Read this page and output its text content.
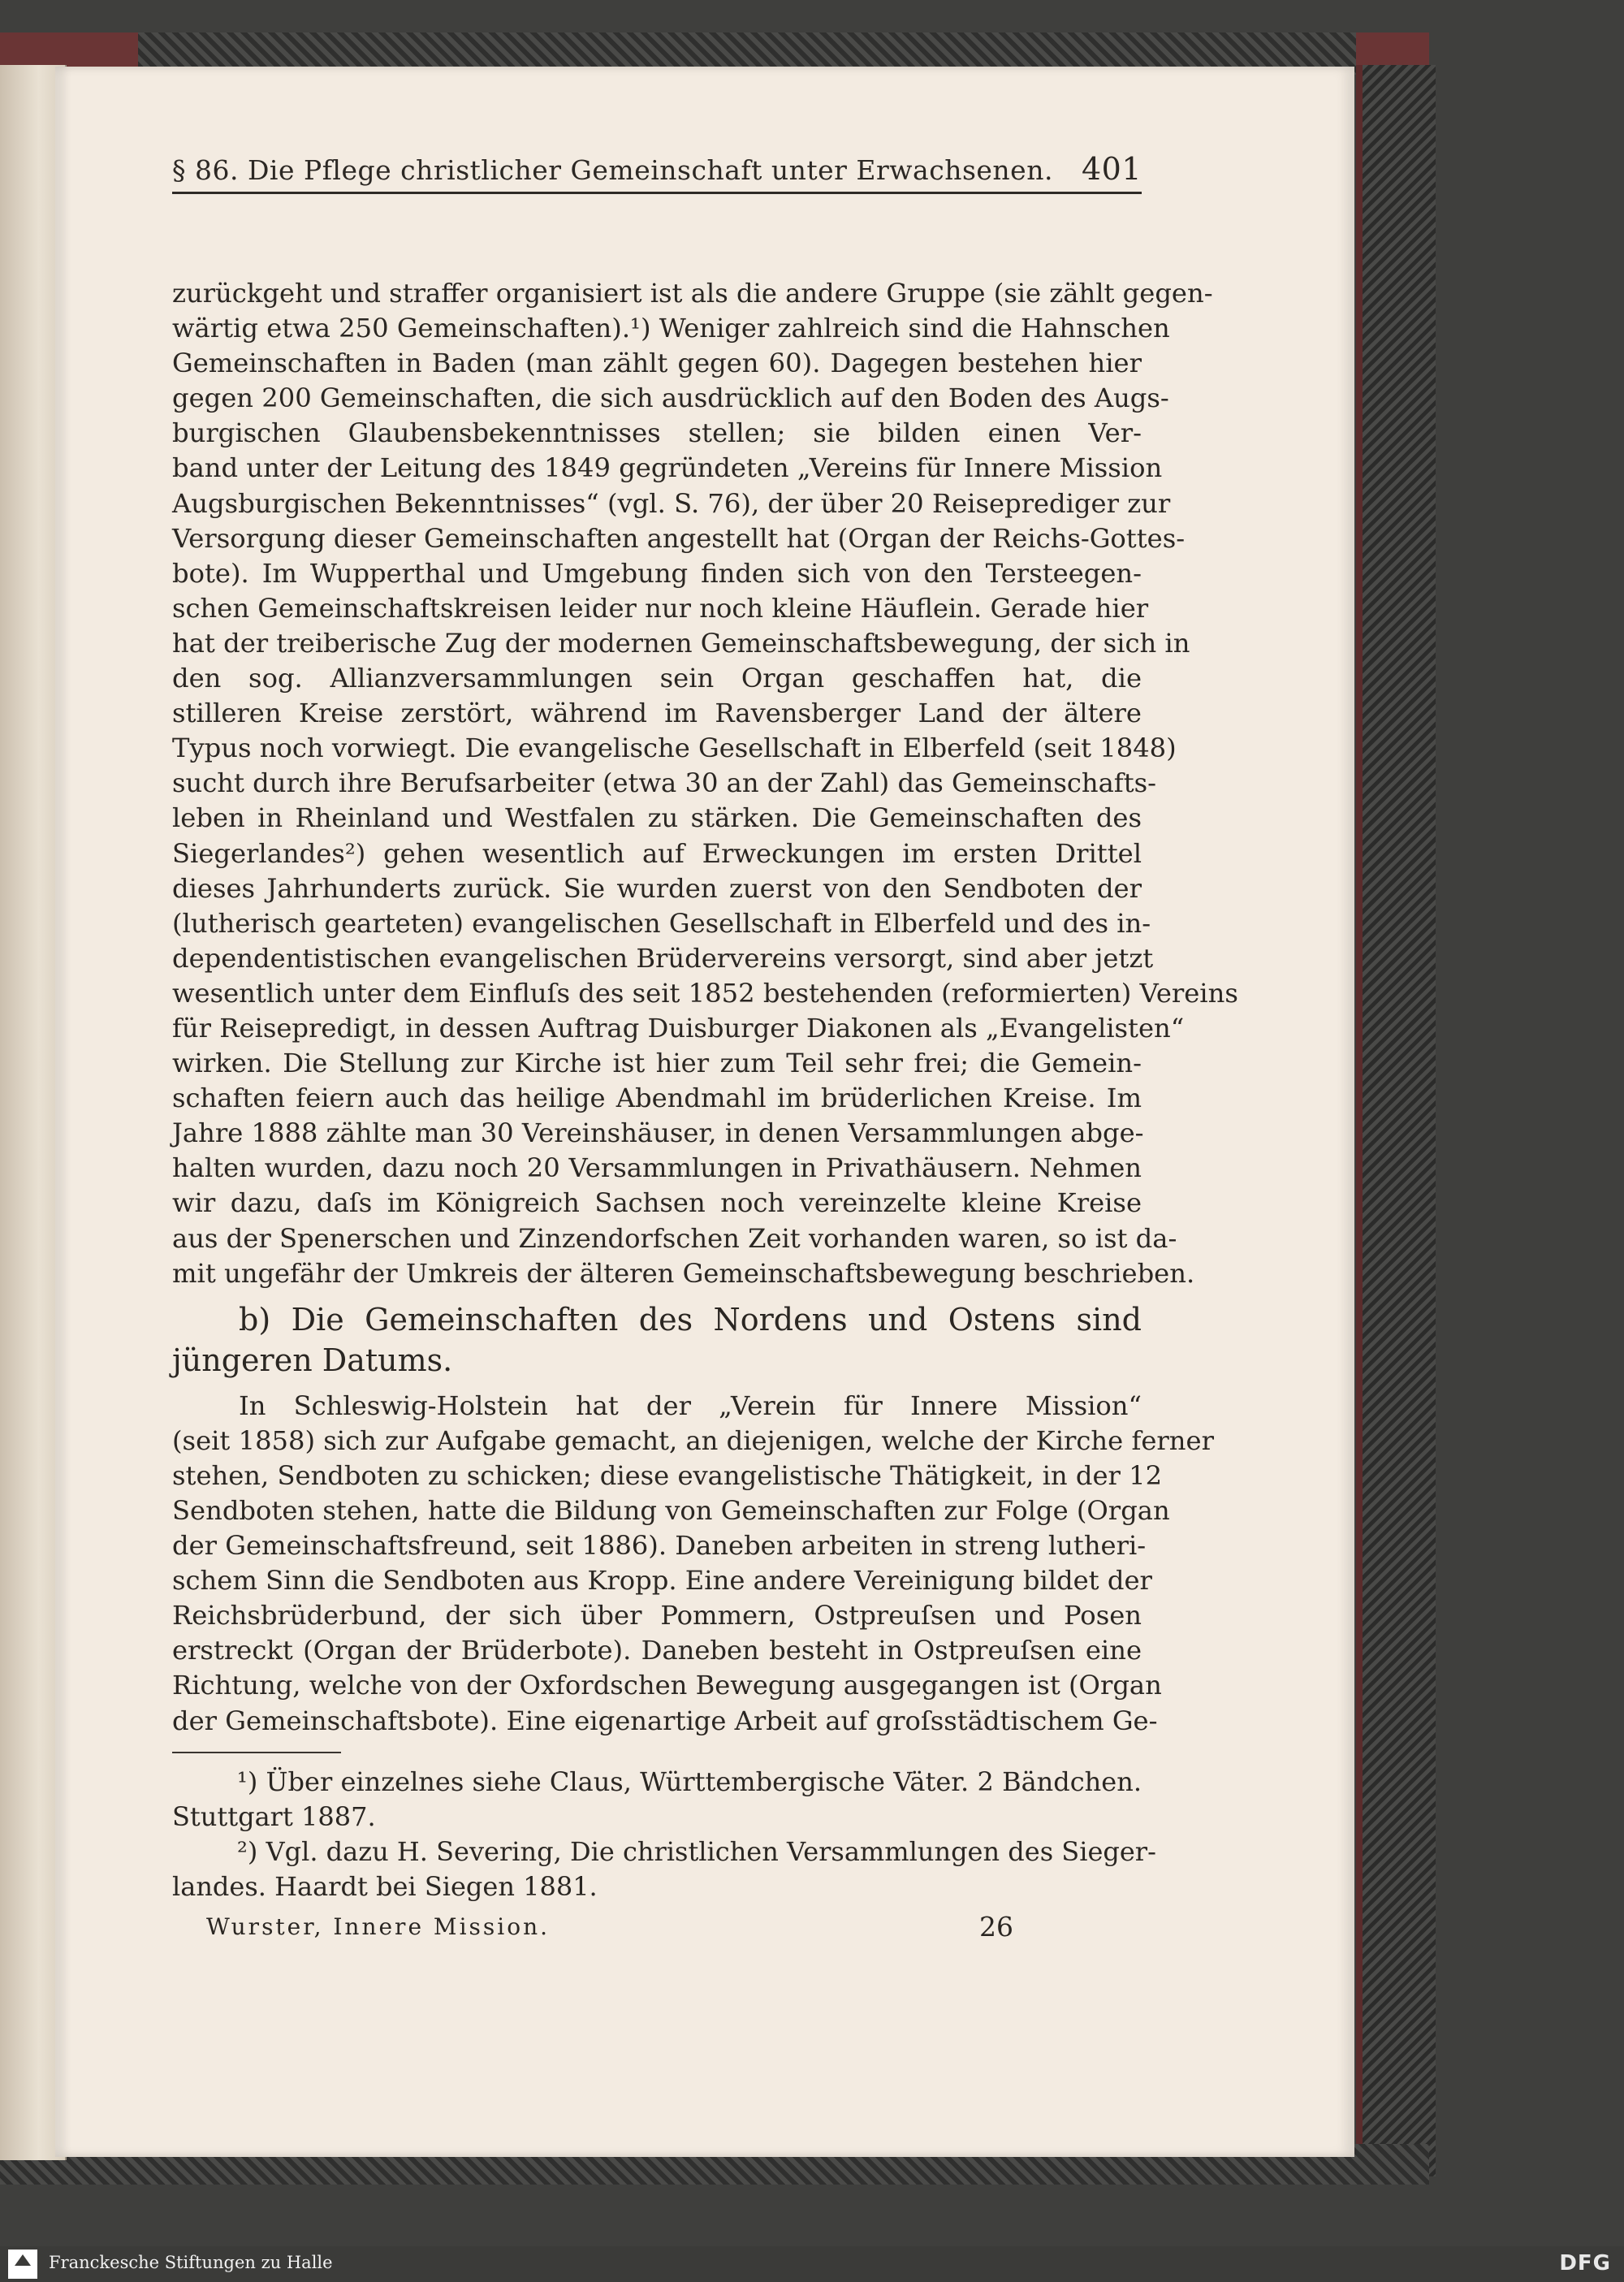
§ 86. Die Pflege christlicher Gemeinschaft unter Erwachsenen. 401
zurückgeht und straffer organisiert ist als die andere Gruppe (sie zählt gegen-
wärtig etwa 250 Gemeinschaften).¹) Weniger zahlreich sind die Hahnschen
Gemeinschaften in Baden (man zählt gegen 60). Dagegen bestehen hier
gegen 200 Gemeinschaften, die sich ausdrücklich auf den Boden des Augs-
burgischen Glaubensbekenntnisses stellen; sie bilden einen Ver-
band unter der Leitung des 1849 gegründeten „Vereins für Innere Mission
Augsburgischen Bekenntnisses“ (vgl. S. 76), der über 20 Reiseprediger zur
Versorgung dieser Gemeinschaften angestellt hat (Organ der Reichs-Gottes-
bote). Im Wupperthal und Umgebung finden sich von den Tersteegen-
schen Gemeinschaftskreisen leider nur noch kleine Häuflein. Gerade hier
hat der treiberische Zug der modernen Gemeinschaftsbewegung, der sich in
den sog. Allianzversammlungen sein Organ geschaffen hat, die
stilleren Kreise zerstört, während im Ravensberger Land der ältere
Typus noch vorwiegt. Die evangelische Gesellschaft in Elberfeld (seit 1848)
sucht durch ihre Berufsarbeiter (etwa 30 an der Zahl) das Gemeinschafts-
leben in Rheinland und Westfalen zu stärken. Die Gemeinschaften des
Siegerlandes²) gehen wesentlich auf Erweckungen im ersten Drittel
dieses Jahrhunderts zurück. Sie wurden zuerst von den Sendboten der
(lutherisch gearteten) evangelischen Gesellschaft in Elberfeld und des in-
dependentistischen evangelischen Brüdervereins versorgt, sind aber jetzt
wesentlich unter dem Einfluſs des seit 1852 bestehenden (reformierten) Vereins
für Reisepredigt, in dessen Auftrag Duisburger Diakonen als „Evangelisten“
wirken. Die Stellung zur Kirche ist hier zum Teil sehr frei; die Gemein-
schaften feiern auch das heilige Abendmahl im brüderlichen Kreise. Im
Jahre 1888 zählte man 30 Vereinshäuser, in denen Versammlungen abge-
halten wurden, dazu noch 20 Versammlungen in Privathäusern. Nehmen
wir dazu, daſs im Königreich Sachsen noch vereinzelte kleine Kreise
aus der Spenerschen und Zinzendorfschen Zeit vorhanden waren, so ist da-
mit ungefähr der Umkreis der älteren Gemeinschaftsbewegung beschrieben.
b) Die Gemeinschaften des Nordens und Ostens sind
jüngeren Datums.
In Schleswig-Holstein hat der „Verein für Innere Mission“
(seit 1858) sich zur Aufgabe gemacht, an diejenigen, welche der Kirche ferner
stehen, Sendboten zu schicken; diese evangelistische Thätigkeit, in der 12
Sendboten stehen, hatte die Bildung von Gemeinschaften zur Folge (Organ
der Gemeinschaftsfreund, seit 1886). Daneben arbeiten in streng lutheri-
schem Sinn die Sendboten aus Kropp. Eine andere Vereinigung bildet der
Reichsbrüderbund, der sich über Pommern, Ostpreuſsen und Posen
erstreckt (Organ der Brüderbote). Daneben besteht in Ostpreuſsen eine
Richtung, welche von der Oxfordschen Bewegung ausgegangen ist (Organ
der Gemeinschaftsbote). Eine eigenartige Arbeit auf groſsstädtischem Ge-
¹) Über einzelnes siehe Claus, Württembergische Väter. 2 Bändchen.
Stuttgart 1887.
²) Vgl. dazu H. Severing, Die christlichen Versammlungen des Sieger-
landes. Haardt bei Siegen 1881.
Wurster, Innere Mission.	26
Franckesche Stiftungen zu Halle	DFG
